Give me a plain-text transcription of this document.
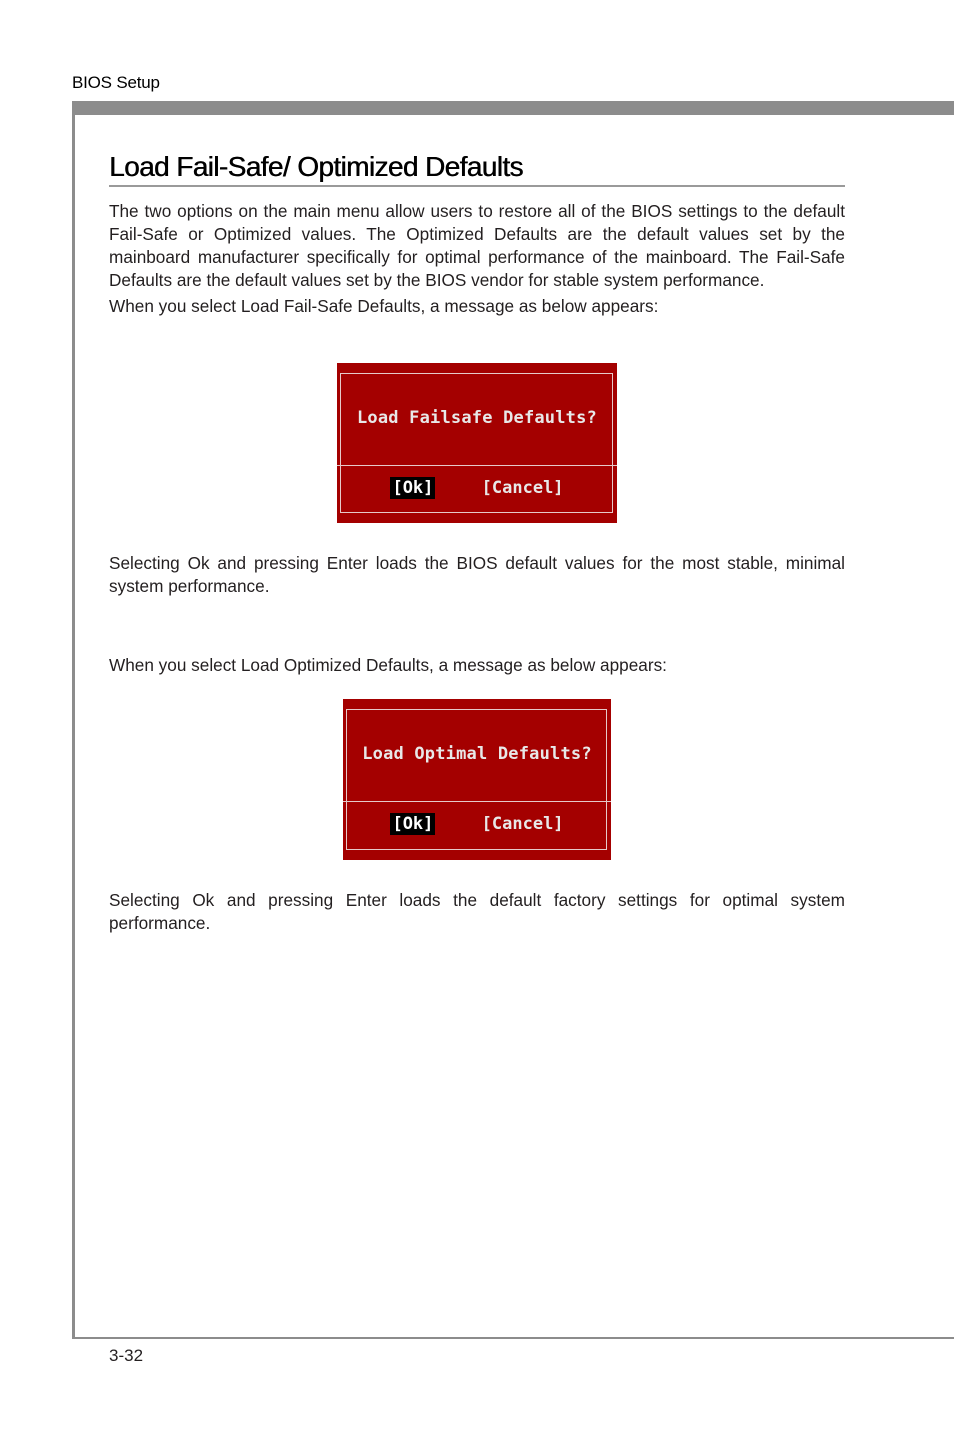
BIOS Setup
Load Fail-Safe/ Optimized Defaults

The two options on the main menu allow users to restore all of the BIOS settings to the default Fail-Safe or Optimized values. The Optimized Defaults are the default values set by the mainboard manufacturer specifically for optimal performance of the mainboard. The Fail-Safe Defaults are the default values set by the BIOS vendor for stable system performance.

When you select Load Fail-Safe Defaults, a message as below appears:

Load Failsafe Defaults?
[Ok]	[Cancel]

Selecting Ok and pressing Enter loads the BIOS default values for the most stable, minimal system performance.

When you select Load Optimized Defaults, a message as below appears:

Load Optimal Defaults?
[Ok]	[Cancel]

Selecting Ok and pressing Enter loads the default factory settings for optimal system performance.

3-32
